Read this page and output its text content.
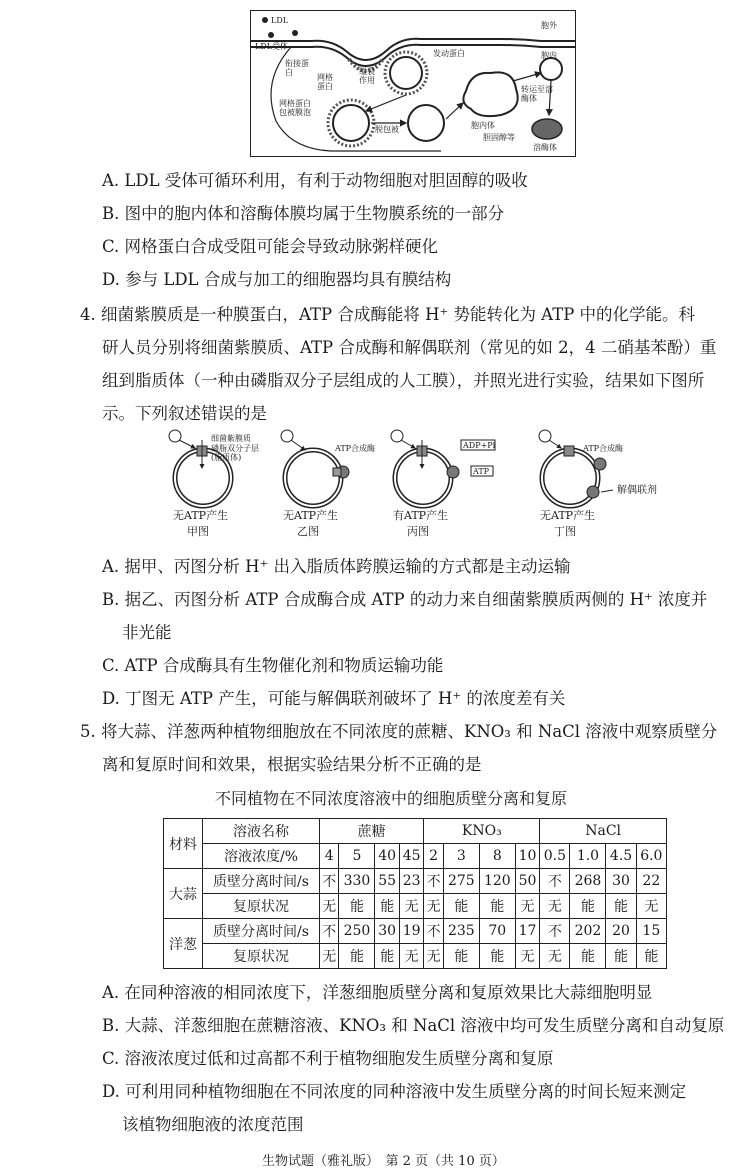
LDL
LDL受体
胞外
胞内
发动蛋白
衔接蛋白
网格蛋白
缢裂作用
网格蛋白包被膜泡
脱包被	胞内体
转运至溶酶体
胆固醇等
溶酶体
A. LDL 受体可循环利用，有利于动物细胞对胆固醇的吸收
B. 图中的胞内体和溶酶体膜均属于生物膜系统的一部分
C. 网格蛋白合成受阻可能会导致动脉粥样硬化
D. 参与 LDL 合成与加工的细胞器均具有膜结构
4. 细菌紫膜质是一种膜蛋白，ATP 合成酶能将 H⁺ 势能转化为 ATP 中的化学能。科
研人员分别将细菌紫膜质、ATP 合成酶和解偶联剂（常见的如 2，4 二硝基苯酚）重
组到脂质体（一种由磷脂双分子层组成的人工膜），并照光进行实验，结果如下图所
示。下列叙述错误的是
细菌紫膜质
磷脂双分子层(脂质体)
ATP合成酶	ADP+Pi
ATP
ATP合成酶
解偶联剂
无ATP产生
甲图
无ATP产生
乙图
有ATP产生
丙图
无ATP产生
丁图
A. 据甲、丙图分析 H⁺ 出入脂质体跨膜运输的方式都是主动运输
B. 据乙、丙图分析 ATP 合成酶合成 ATP 的动力来自细菌紫膜质两侧的 H⁺ 浓度并
非光能
C. ATP 合成酶具有生物催化剂和物质运输功能
D. 丁图无 ATP 产生，可能与解偶联剂破坏了 H⁺ 的浓度差有关
5. 将大蒜、洋葱两种植物细胞放在不同浓度的蔗糖、KNO₃ 和 NaCl 溶液中观察质壁分
离和复原时间和效果，根据实验结果分析不正确的是
不同植物在不同浓度溶液中的细胞质壁分离和复原
材料	溶液名称	蔗糖				KNO₃				NaCl			
	溶液浓度/%	4	5	40	45	2	3	8	10	0.5	1.0	4.5	6.0
大蒜	质壁分离时间/s	不	330	55	23	不	275	120	50	不	268	30	22
	复原状况	无	能	能	无	无	能	能	无	无	能	能	无
洋葱	质壁分离时间/s	不	250	30	19	不	235	70	17	不	202	20	15
	复原状况	无	能	能	无	无	能	能	无	无	能	能	能
A. 在同种溶液的相同浓度下，洋葱细胞质壁分离和复原效果比大蒜细胞明显
B. 大蒜、洋葱细胞在蔗糖溶液、KNO₃ 和 NaCl 溶液中均可发生质壁分离和自动复原
C. 溶液浓度过低和过高都不利于植物细胞发生质壁分离和复原
D. 可利用同种植物细胞在不同浓度的同种溶液中发生质壁分离的时间长短来测定
该植物细胞液的浓度范围
生物试题（雅礼版）　第 2 页（共 10 页）
